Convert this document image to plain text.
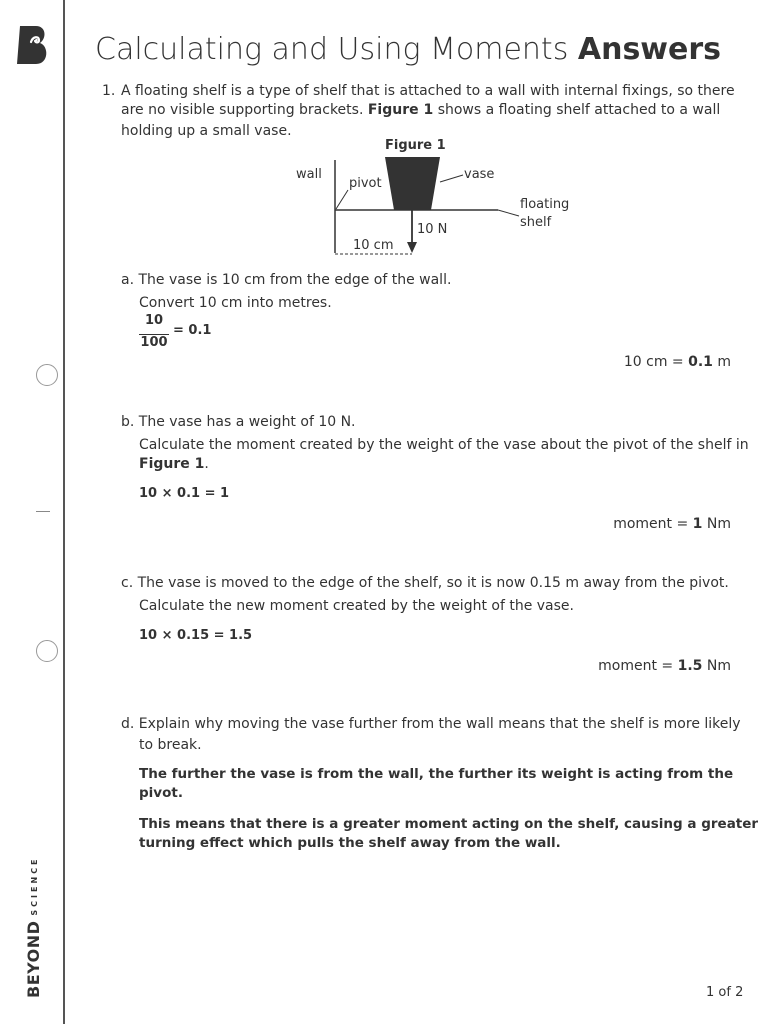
BEYONDSCIENCE
Calculating and Using Moments Answers
1. A floating shelf is a type of shelf that is attached to a wall with internal fixings, so there
are no visible supporting brackets. Figure 1 shows a floating shelf attached to a wall
holding up a small vase.
Figure 1
wall
pivot
vase
floating
shelf
10 N
10 cm
a. The vase is 10 cm from the edge of the wall.
Convert 10 cm into metres.
10
100
= 0.1
10 cm = 0.1 m
b. The vase has a weight of 10 N.
Calculate the moment created by the weight of the vase about the pivot of the shelf in
Figure 1.
10 × 0.1 = 1
moment = 1 Nm
c. The vase is moved to the edge of the shelf, so it is now 0.15 m away from the pivot.
Calculate the new moment created by the weight of the vase.
10 × 0.15 = 1.5
moment = 1.5 Nm
d. Explain why moving the vase further from the wall means that the shelf is more likely
to break.
The further the vase is from the wall, the further its weight is acting from the
pivot.
This means that there is a greater moment acting on the shelf, causing a greater
turning effect which pulls the shelf away from the wall.
1 of 2
